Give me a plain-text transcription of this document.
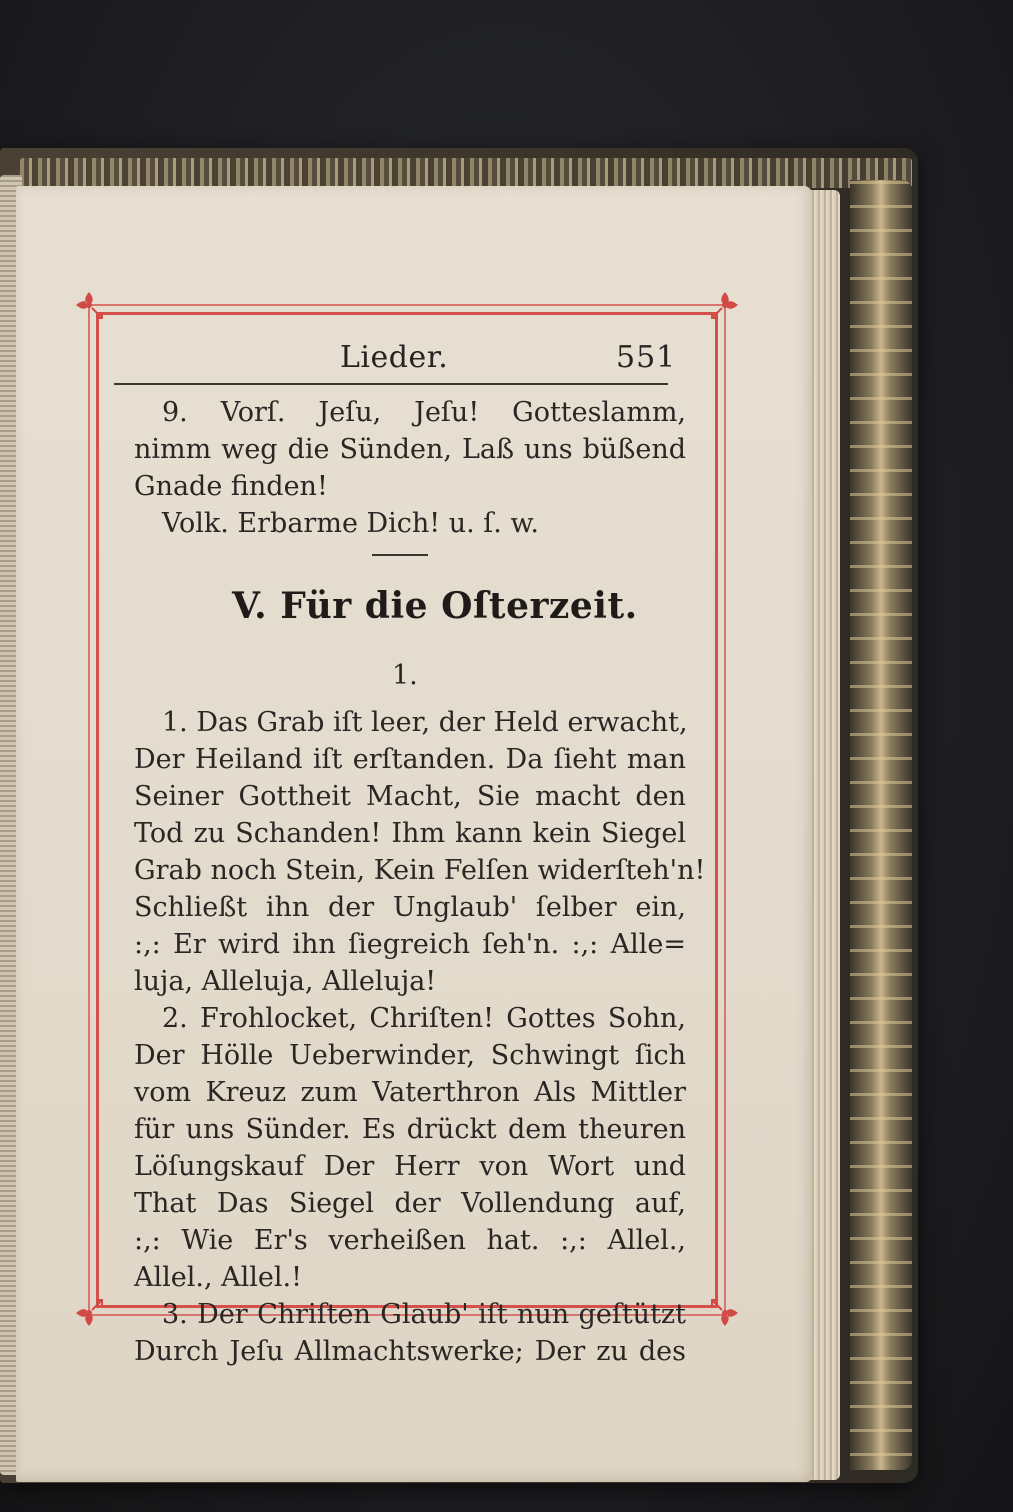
Lieder.	551
9. Vorſ. Jeſu, Jeſu! Gotteslamm,
nimm weg die Sünden, Laß uns büßend
Gnade finden!
Volk. Erbarme Dich! u. ſ. w.
V. Für die Oſterzeit.
1.
1. Das Grab iſt leer, der Held erwacht,
Der Heiland iſt erſtanden. Da ſieht man
Seiner Gottheit Macht, Sie macht den
Tod zu Schanden! Ihm kann kein Siegel
Grab noch Stein, Kein Felſen widerſteh'n!
Schließt ihn der Unglaub' ſelber ein,
:,: Er wird ihn ſiegreich ſeh'n. :,: Alle=
luja, Alleluja, Alleluja!
2. Frohlocket, Chriſten! Gottes Sohn,
Der Hölle Ueberwinder, Schwingt ſich
vom Kreuz zum Vaterthron Als Mittler
für uns Sünder. Es drückt dem theuren
Löſungskauf Der Herr von Wort und
That Das Siegel der Vollendung auf,
:,: Wie Er's verheißen hat. :,: Allel.,
Allel., Allel.!
3. Der Chriſten Glaub' iſt nun geſtützt
Durch Jeſu Allmachtswerke; Der zu des
